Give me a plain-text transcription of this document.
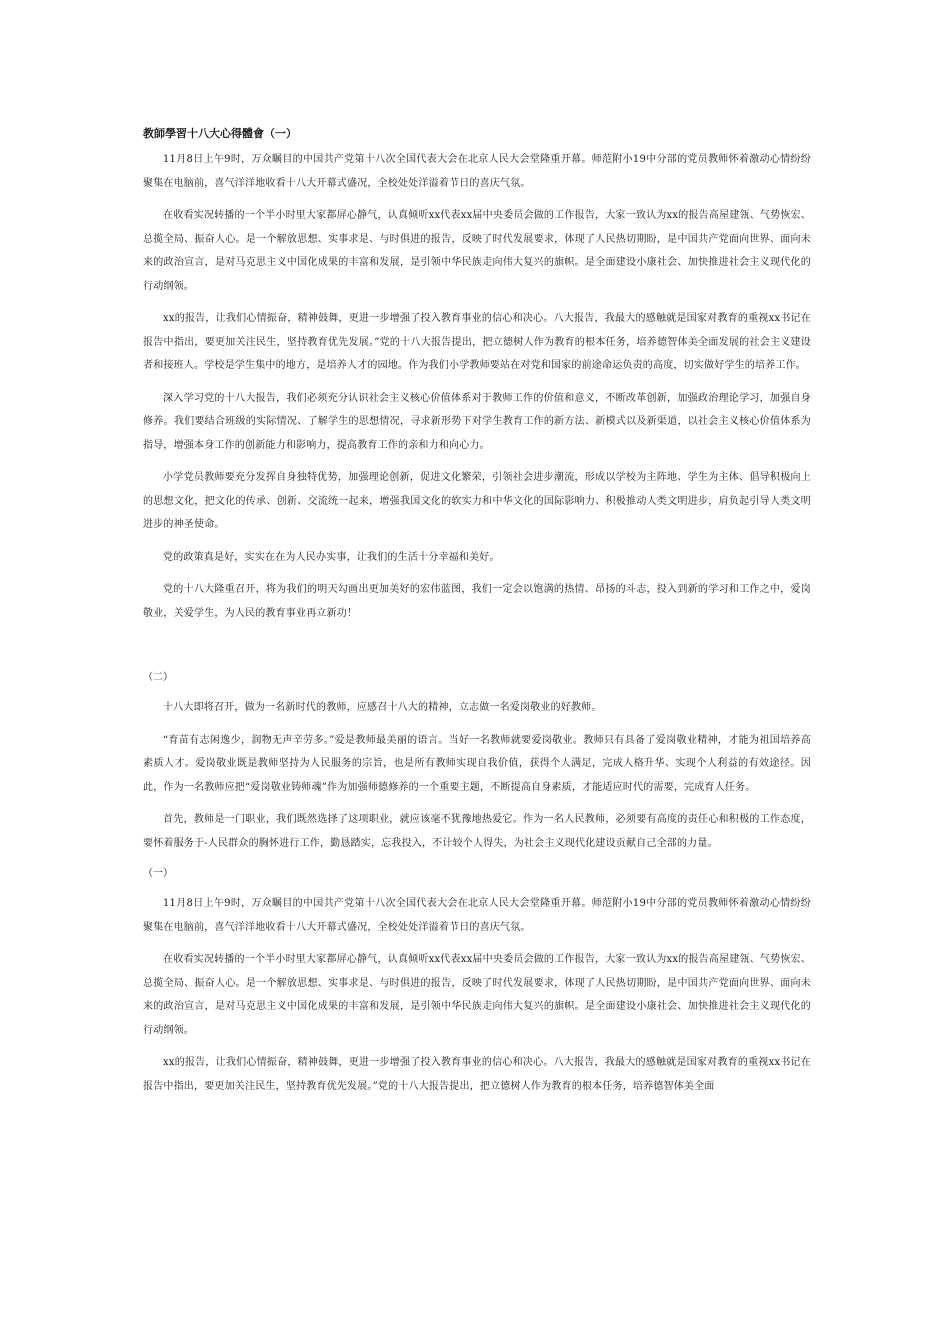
教師學習十八大心得體會（一）

11月8日上午9时，万众瞩目的中国共产党第十八次全国代表大会在北京人民大会堂隆重开幕。师范附小19中分部的党员教师怀着激动心情纷纷聚集在电脑前，喜气洋洋地收看十八大开幕式盛况，全校处处洋溢着节日的喜庆气氛。

在收看实况转播的一个半小时里大家都屏心静气，认真倾听xx代表xx届中央委员会做的工作报告，大家一致认为xx的报告高屋建瓴、气势恢宏、总揽全局、振奋人心。是一个解放思想、实事求是、与时俱进的报告，反映了时代发展要求，体现了人民热切期盼，是中国共产党面向世界、面向未来的政治宣言，是对马克思主义中国化成果的丰富和发展，是引领中华民族走向伟大复兴的旗帜。是全面建设小康社会、加快推进社会主义现代化的行动纲领。

xx的报告，让我们心情振奋，精神鼓舞，更进一步增强了投入教育事业的信心和决心。八大报告，我最大的感触就是国家对教育的重视xx书记在报告中指出，要更加关注民生，坚持教育优先发展。”党的十八大报告提出，把立德树人作为教育的根本任务，培养德智体美全面发展的社会主义建设者和接班人。学校是学生集中的地方，是培养人才的园地。作为我们小学教师要站在对党和国家的前途命运负责的高度，切实做好学生的培养工作。

深入学习党的十八大报告，我们必须充分认识社会主义核心价值体系对于教师工作的价值和意义，不断改革创新，加强政治理论学习，加强自身修养。我们要结合班级的实际情况、了解学生的思想情况，寻求新形势下对学生教育工作的新方法、新模式以及新渠道，以社会主义核心价值体系为指导，增强本身工作的创新能力和影响力，提高教育工作的亲和力和向心力。

小学党员教师要充分发挥自身独特优势，加强理论创新，促进文化繁荣，引领社会进步潮流，形成以学校为主阵地、学生为主体、倡导积极向上的思想文化，把文化的传承、创新、交流统一起来，增强我国文化的软实力和中华文化的国际影响力、积极推动人类文明进步，肩负起引导人类文明进步的神圣使命。

党的政策真是好，实实在在为人民办实事，让我们的生活十分幸福和美好。

党的十八大隆重召开，将为我们的明天勾画出更加美好的宏伟蓝图，我们一定会以饱满的热情、昂扬的斗志，投入到新的学习和工作之中，爱岗敬业，关爱学生，为人民的教育事业再立新功！

（二）

十八大即将召开，做为一名新时代的教师，应感召十八大的精神，立志做一名爱岗敬业的好教师。

“育苗有志闲逸少，润物无声辛劳多。”爱是教师最美丽的语言。当好一名教师就要爱岗敬业。教师只有具备了爱岗敬业精神，才能为祖国培养高素质人才。爱岗敬业既是教师坚持为人民服务的宗旨，也是所有教师实现自我价值，获得个人满足，完成人格升华、实现个人利益的有效途径。因此，作为一名教师应把“爱岗敬业铸师魂”作为加强师德修养的一个重要主题，不断提高自身素质，才能适应时代的需要，完成育人任务。

首先，教师是一门职业，我们既然选择了这项职业，就应该毫不犹豫地热爱它。作为一名人民教师，必须要有高度的责任心和积极的工作态度，要怀着服务于-人民群众的胸怀进行工作，勤恳踏实，忘我投入，不计较个人得失，为社会主义现代化建设贡献自己全部的力量。

（一）

11月8日上午9时，万众瞩目的中国共产党第十八次全国代表大会在北京人民大会堂隆重开幕。师范附小19中分部的党员教师怀着激动心情纷纷聚集在电脑前，喜气洋洋地收看十八大开幕式盛况，全校处处洋溢着节日的喜庆气氛。

在收看实况转播的一个半小时里大家都屏心静气，认真倾听xx代表xx届中央委员会做的工作报告，大家一致认为xx的报告高屋建瓴、气势恢宏、总揽全局、振奋人心。是一个解放思想、实事求是、与时俱进的报告，反映了时代发展要求，体现了人民热切期盼，是中国共产党面向世界、面向未来的政治宣言，是对马克思主义中国化成果的丰富和发展，是引领中华民族走向伟大复兴的旗帜。是全面建设小康社会、加快推进社会主义现代化的行动纲领。

xx的报告，让我们心情振奋，精神鼓舞，更进一步增强了投入教育事业的信心和决心。八大报告，我最大的感触就是国家对教育的重视xx书记在报告中指出，要更加关注民生，坚持教育优先发展。”党的十八大报告提出，把立德树人作为教育的根本任务，培养德智体美全面
